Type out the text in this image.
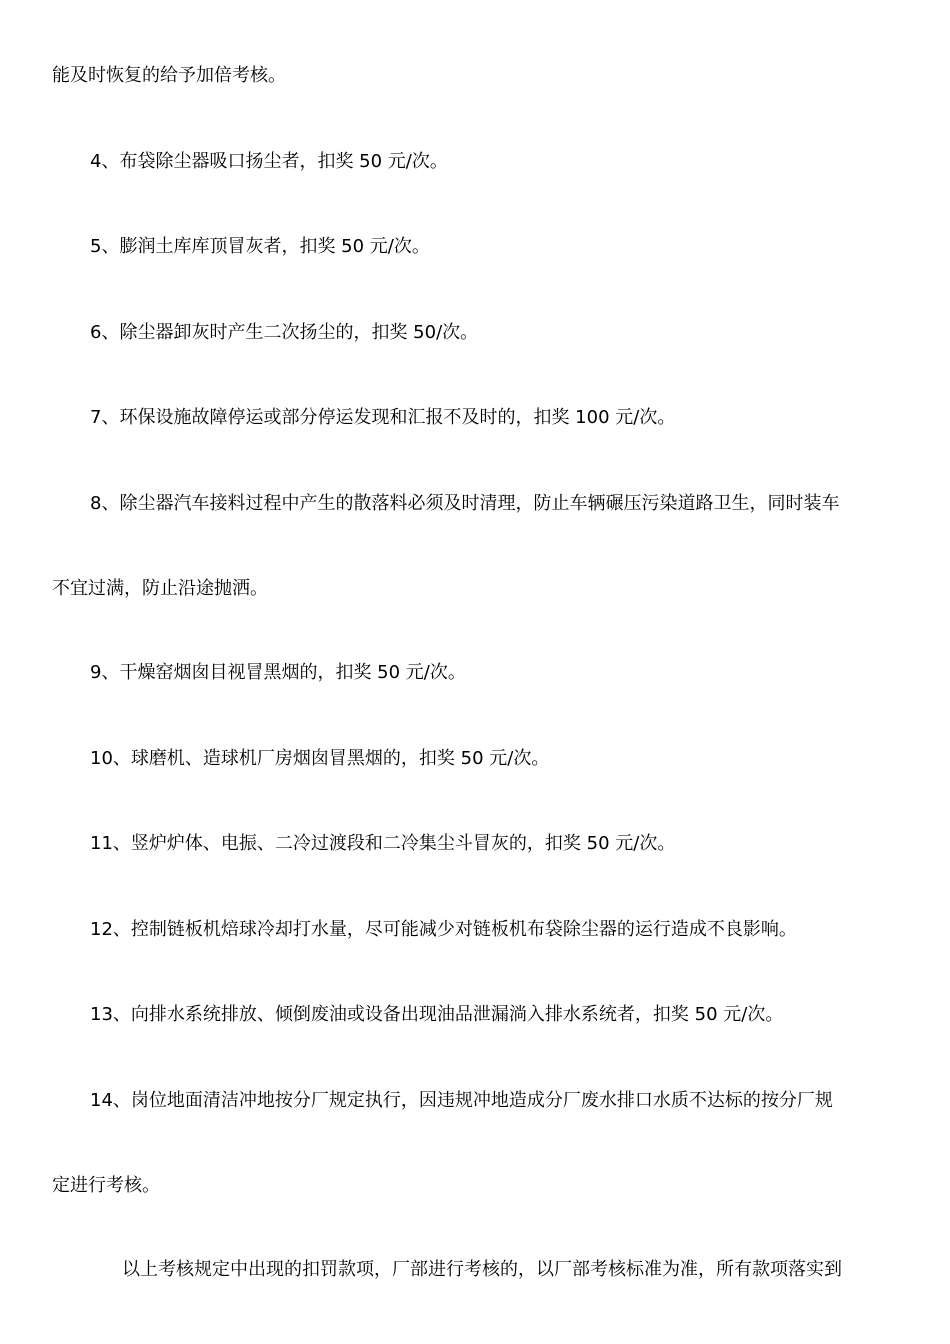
能及时恢复的给予加倍考核。
4、布袋除尘器吸口扬尘者，扣奖 50 元/次。
5、膨润土库库顶冒灰者，扣奖 50 元/次。
6、除尘器卸灰时产生二次扬尘的，扣奖 50/次。
7、环保设施故障停运或部分停运发现和汇报不及时的，扣奖 100 元/次。
8、除尘器汽车接料过程中产生的散落料必须及时清理，防止车辆碾压污染道路卫生，同时装车
不宜过满，防止沿途抛洒。
9、干燥窑烟囱目视冒黑烟的，扣奖 50 元/次。
10、球磨机、造球机厂房烟囱冒黑烟的，扣奖 50 元/次。
11、竖炉炉体、电振、二冷过渡段和二冷集尘斗冒灰的，扣奖 50 元/次。
12、控制链板机焙球冷却打水量，尽可能减少对链板机布袋除尘器的运行造成不良影响。
13、向排水系统排放、倾倒废油或设备出现油品泄漏淌入排水系统者，扣奖 50 元/次。
14、岗位地面清洁冲地按分厂规定执行，因违规冲地造成分厂废水排口水质不达标的按分厂规
定进行考核。
以上考核规定中出现的扣罚款项，厂部进行考核的，以厂部考核标准为准，所有款项落实到
